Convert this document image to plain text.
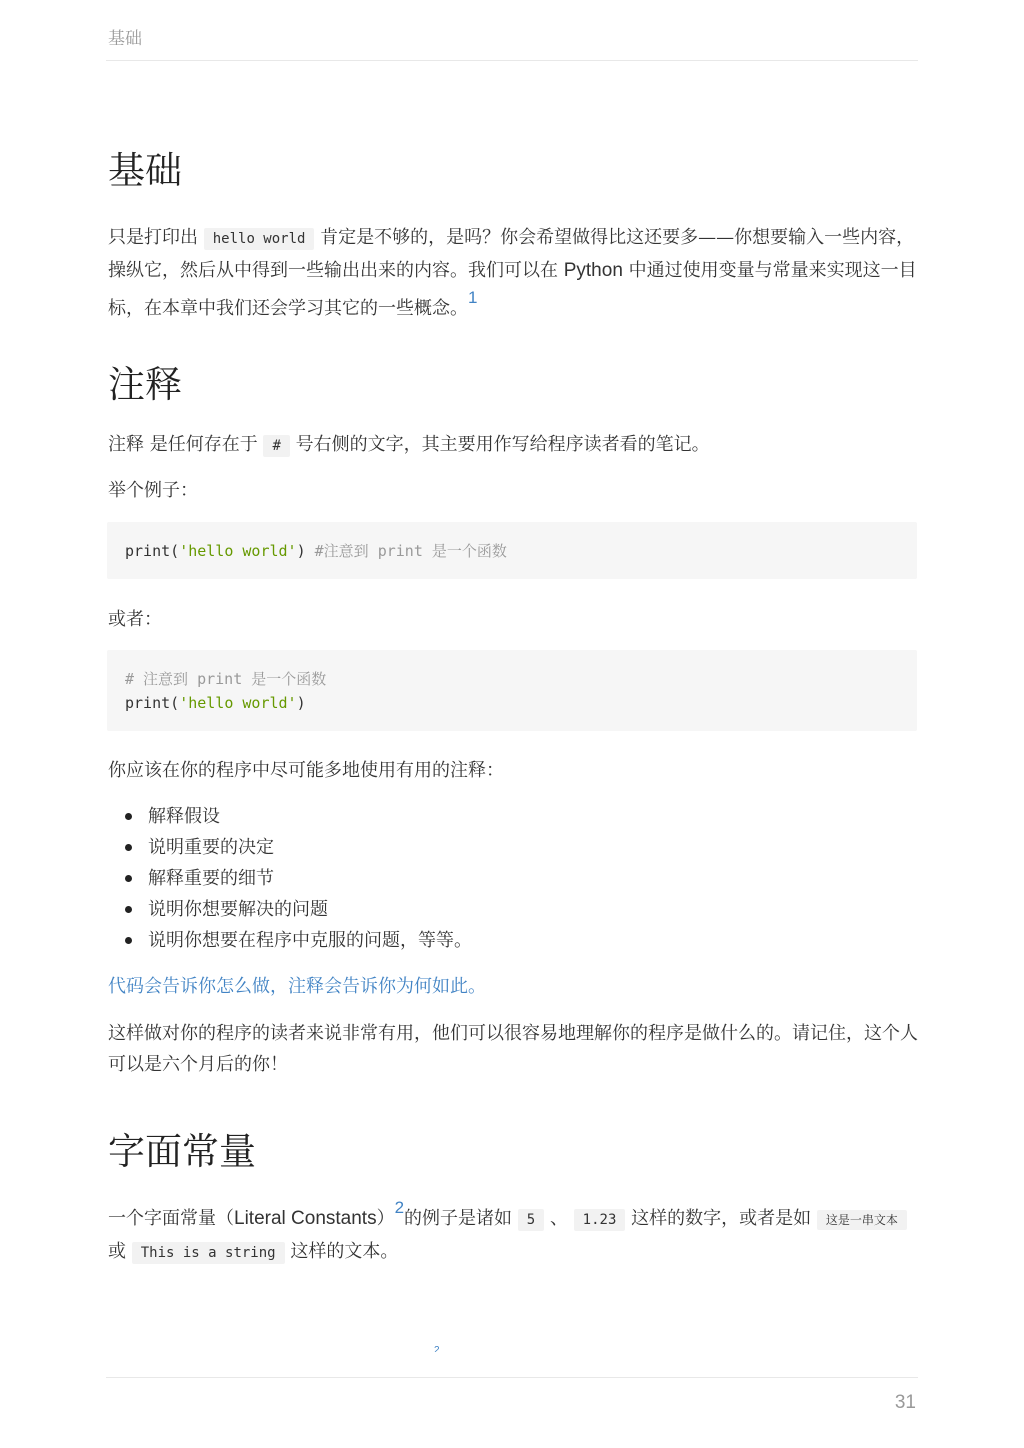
基础
基础

只是打印出 hello world 肯定是不够的，是吗？你会希望做得比这还要多——你想要输入一些内容，操纵它，然后从中得到一些输出出来的内容。我们可以在 Python 中通过使用变量与常量来实现这一目标，在本章中我们还会学习其它的一些概念。$^1$

注释

注释 是任何存在于 # 号右侧的文字，其主要用作写给程序读者看的笔记。

举个例子：

print('hello world') #注意到 print 是一个函数

或者：

# 注意到 print 是一个函数
print('hello world')

你应该在你的程序中尽可能多地使用有用的注释：

解释假设
说明重要的决定
解释重要的细节
说明你想要解决的问题
说明你想要在程序中克服的问题，等等。

代码会告诉你怎么做，注释会告诉你为何如此。

这样做对你的程序的读者来说非常有用，他们可以很容易地理解你的程序是做什么的。请记住，这个人可以是六个月后的你！

字面常量

一个字面常量（Literal Constants）$^2$的例子是诸如 5 、 1.23 这样的数字，或者是如 这是一串文本 或 This is a string 这样的文本。

2
31
